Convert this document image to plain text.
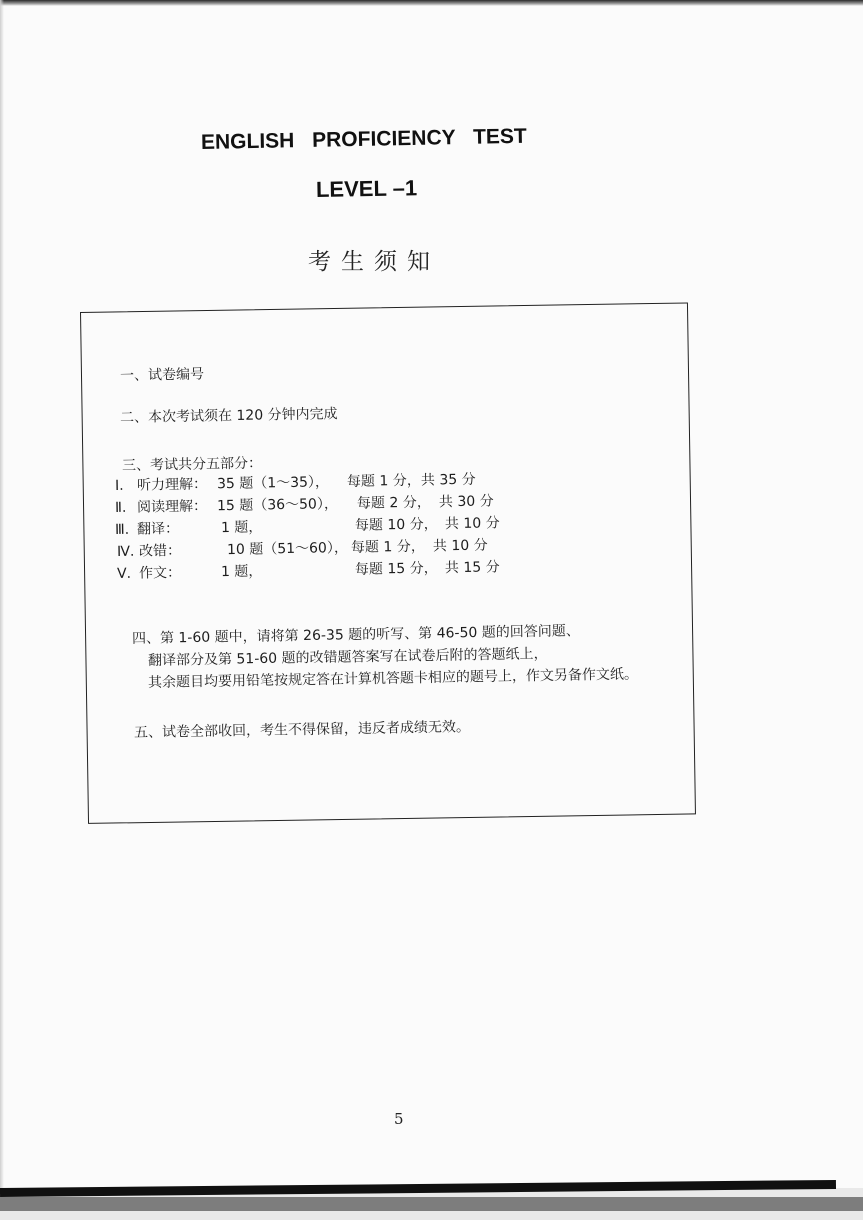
ENGLISH PROFICIENCY TEST
LEVEL –1
考生须知
一、试卷编号
二、本次考试须在 120 分钟内完成
三、考试共分五部分：
Ⅰ. 听力理解： 35 题（1～35）， 每题 1 分，共 35 分
Ⅱ. 阅读理解： 15 题（36～50）， 每题 2 分， 共 30 分
Ⅲ. 翻译：	1 题，	每题 10 分， 共 10 分
Ⅳ. 改错：	10 题（51～60）， 每题 1 分， 共 10 分
Ⅴ. 作文：	1 题，	每题 15 分， 共 15 分
四、第 1-60 题中，请将第 26-35 题的听写、第 46-50 题的回答问题、
翻译部分及第 51-60 题的改错题答案写在试卷后附的答题纸上，
其余题目均要用铅笔按规定答在计算机答题卡相应的题号上，作文另备作文纸。
五、试卷全部收回，考生不得保留，违反者成绩无效。
5
